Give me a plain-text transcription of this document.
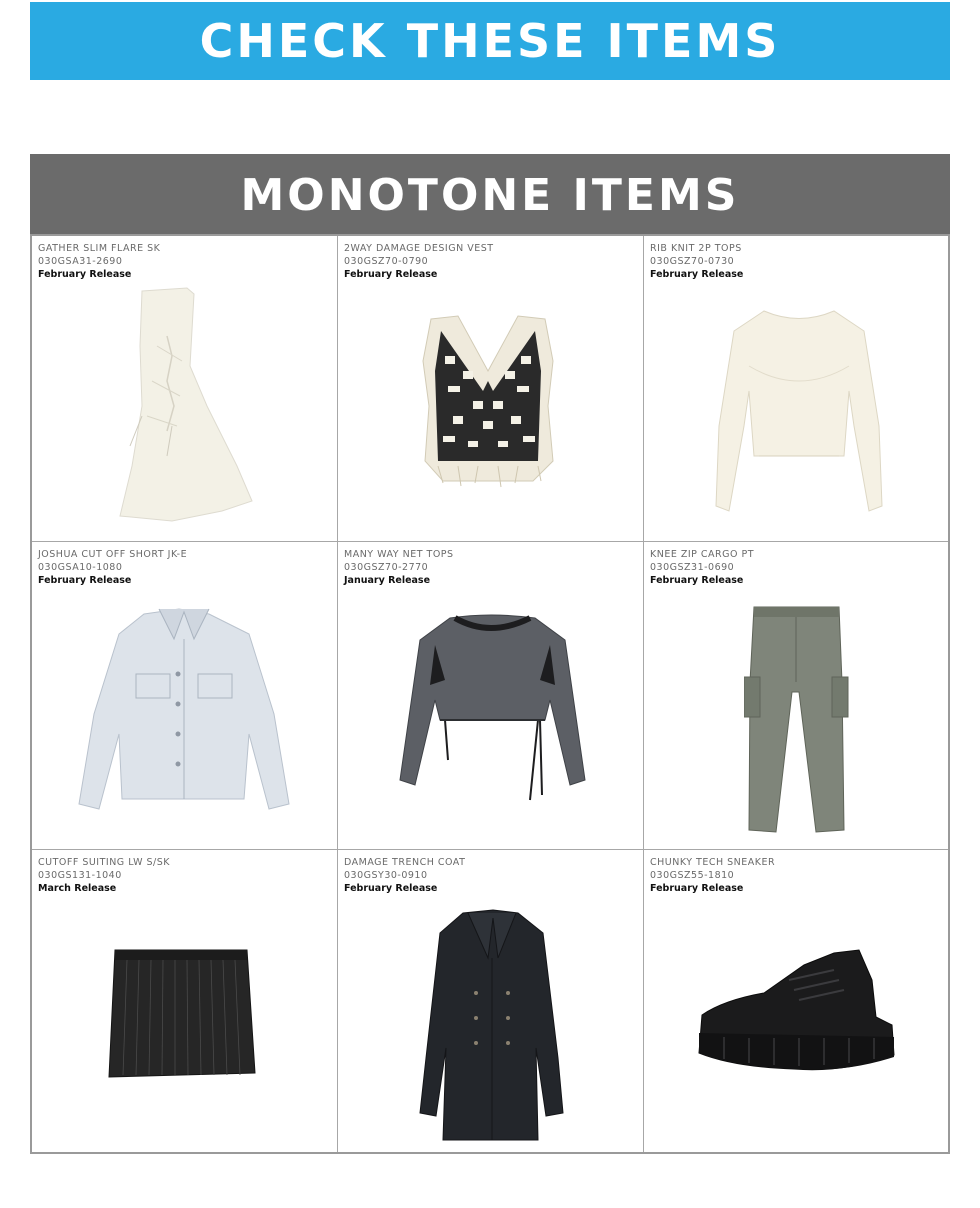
CHECK THESE ITEMS
MONOTONE ITEMS
GATHER SLIM FLARE SK
030GSA31-2690
February Release
2WAY DAMAGE DESIGN VEST
030GSZ70-0790
February Release
RIB KNIT 2P TOPS
030GSZ70-0730
February Release
JOSHUA CUT OFF SHORT JK-E
030GSA10-1080
February Release
MANY WAY NET TOPS
030GSZ70-2770
January Release
KNEE ZIP CARGO PT
030GSZ31-0690
February Release
CUTOFF SUITING LW S/SK
030GS131-1040
March Release
DAMAGE TRENCH COAT
030GSY30-0910
February Release
CHUNKY TECH SNEAKER
030GSZ55-1810
February Release
